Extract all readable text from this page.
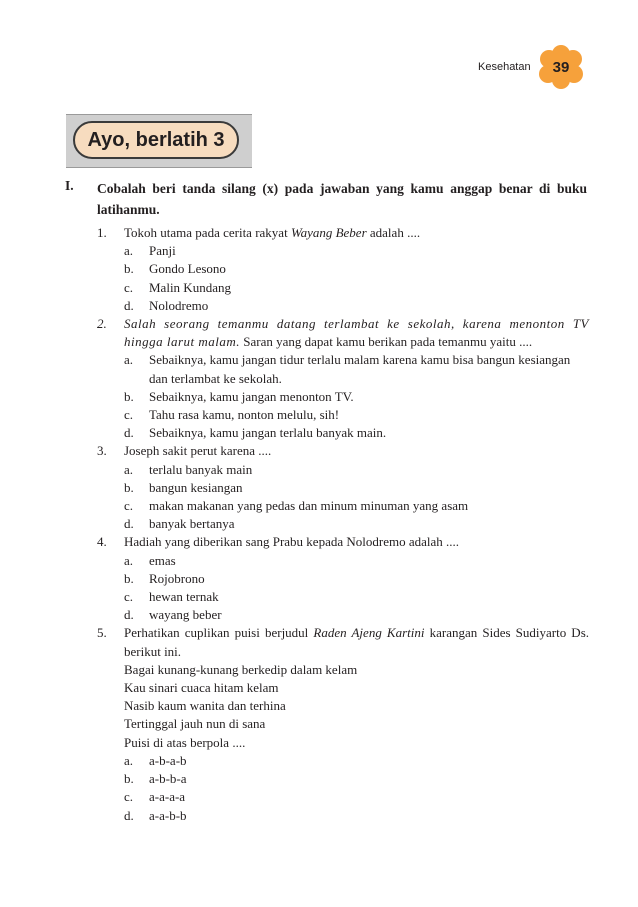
Kesehatan	39
Ayo, berlatih 3
I. Cobalah beri tanda silang (x) pada jawaban yang kamu anggap benar di buku latihanmu.
1.	Tokoh utama pada cerita rakyat Wayang Beber adalah ....
a.	Panji
b.	Gondo Lesono
c.	Malin Kundang
d.	Nolodremo
2.	Salah seorang temanmu datang terlambat ke sekolah, karena menonton TV hingga larut malam. Saran yang dapat kamu berikan pada temanmu yaitu ....
a.	Sebaiknya, kamu jangan tidur terlalu malam karena kamu bisa bangun kesiangan dan terlambat ke sekolah.
b.	Sebaiknya, kamu jangan menonton TV.
c.	Tahu rasa kamu, nonton melulu, sih!
d.	Sebaiknya, kamu jangan terlalu banyak main.
3.	Joseph sakit perut karena ....
a.	terlalu banyak main
b.	bangun kesiangan
c.	makan makanan yang pedas dan minum minuman yang asam
d.	banyak bertanya
4.	Hadiah yang diberikan sang Prabu kepada Nolodremo adalah ....
a.	emas
b.	Rojobrono
c.	hewan ternak
d.	wayang beber
5.	Perhatikan cuplikan puisi berjudul Raden Ajeng Kartini karangan Sides Sudiyarto Ds. berikut ini.
Bagai kunang-kunang berkedip dalam kelam
Kau sinari cuaca hitam kelam
Nasib kaum wanita dan terhina
Tertinggal jauh nun di sana
Puisi di atas berpola ....
a.	a-b-a-b
b.	a-b-b-a
c.	a-a-a-a
d.	a-a-b-b
